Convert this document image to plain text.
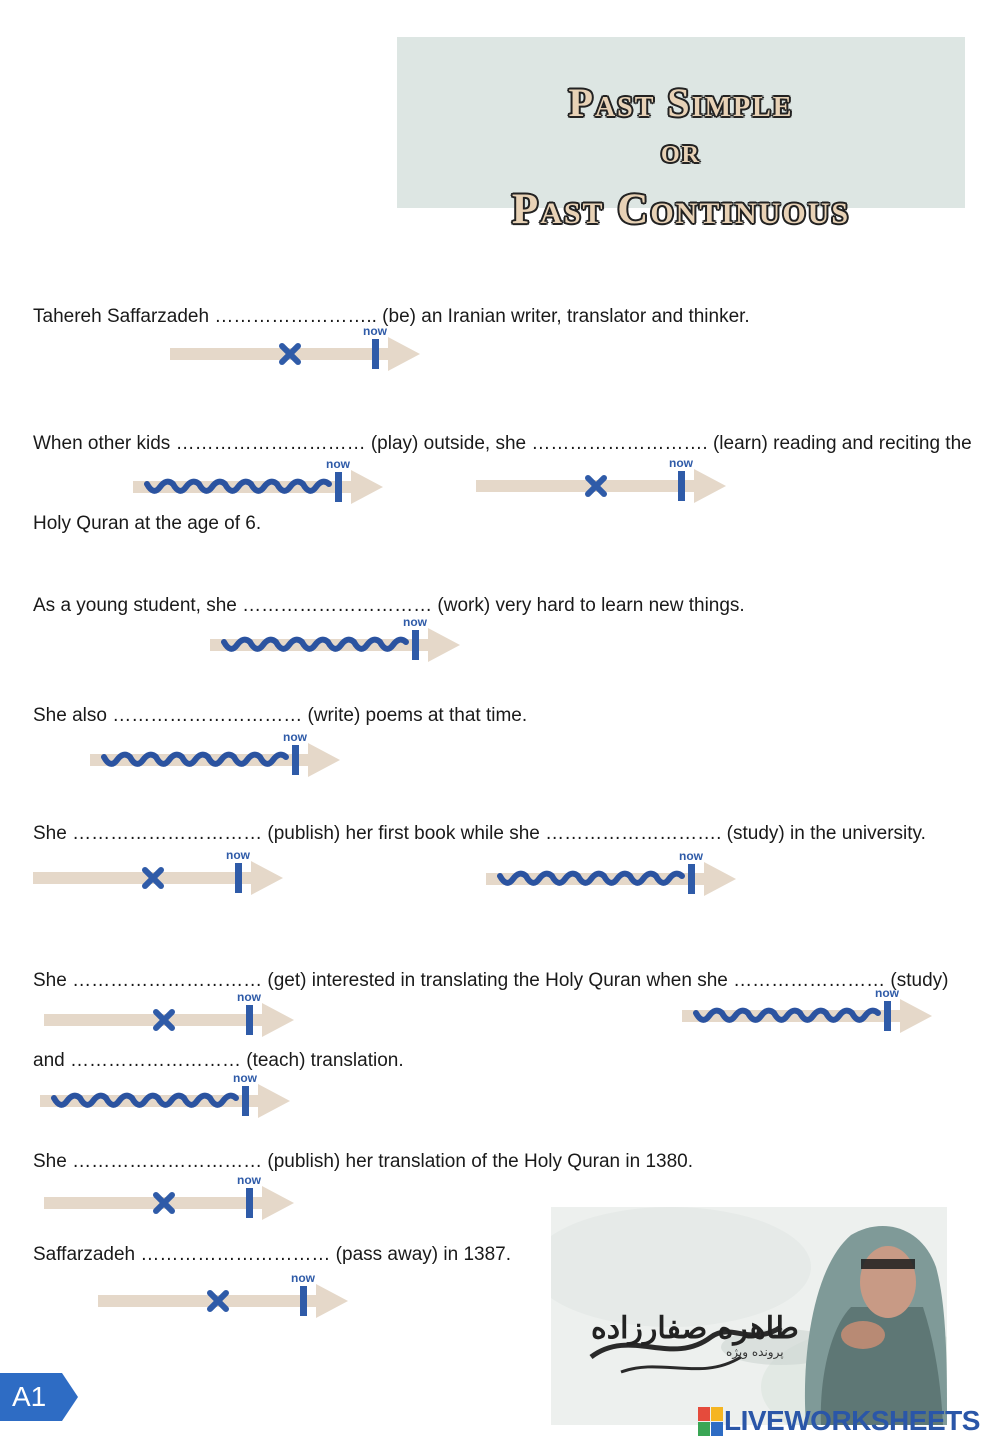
Past Simple
or
Past Continuous
Tahereh Saffarzadeh …………………….. (be) an Iranian writer, translator and thinker.
When other kids ………………………… (play) outside, she ………………………. (learn) reading and reciting the
Holy Quran at the age of 6.
As a young student, she ………………………… (work) very hard to learn new things.
She also ………………………… (write) poems at that time.
She ………………………… (publish) her first book while she ………………………. (study) in the university.
She ………………………… (get) interested in translating the Holy Quran when she …………………… (study)
and ……………………… (teach) translation.
She ………………………… (publish) her translation of the Holy Quran in 1380.
Saffarzadeh ………………………… (pass away) in 1387.
now
now	now
now
now
now	now
now	now
now
now
now
طاهره صفارزاده
پرونده ویژه
A1
LIVEWORKSHEETS
